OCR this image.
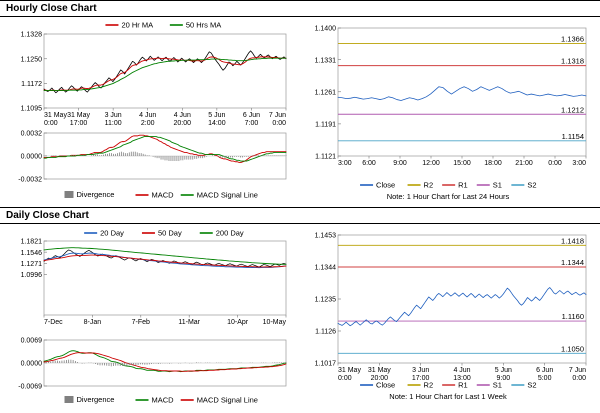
Hourly Close Chart
Daily Close Chart
1.1328
1.1250
1.1172
1.1095
31 May
0:00
31 May
17:00
3 Jun
11:00
4 Jun
2:00
4 Jun
20:00
5 Jun
14:00
6 Jun
7:00
7 Jun
0:00
20 Hr MA	50 Hrs MA
0.0032
0.0000
-0.0032
Divergence	MACD	MACD Signal Line
1.1400
1.1331
1.1261
1.1191
1.1121
1.1366
1.1318
1.1212
1.1154
3:00 6:00 9:00 12:00 15:00 18:00 21:00 0:00 3:00
Close	R2	R1	S1	S2
Note: 1 Hour Chart for Last 24 Hours
1.1821
1.1546
1.1271
1.0996
7-Dec	8-Jan	7-Feb	11-Mar	10-Apr 10-May
20 Day	50 Day	200 Day
0.0069
0.0000
-0.0069
Divergence	MACD	MACD Signal Line
1.1453
1.1344
1.1235
1.1126
1.1017
1.1418
1.1344
1.1160
1.1050
31 May
0:00
31 May
20:00
3 Jun
17:00
4 Jun
13:00
5 Jun
9:00
6 Jun
5:00
7 Jun
0:00
Close	R2	R1	S1	S2
Note: 1 Hour Chart for Last 1 Week
